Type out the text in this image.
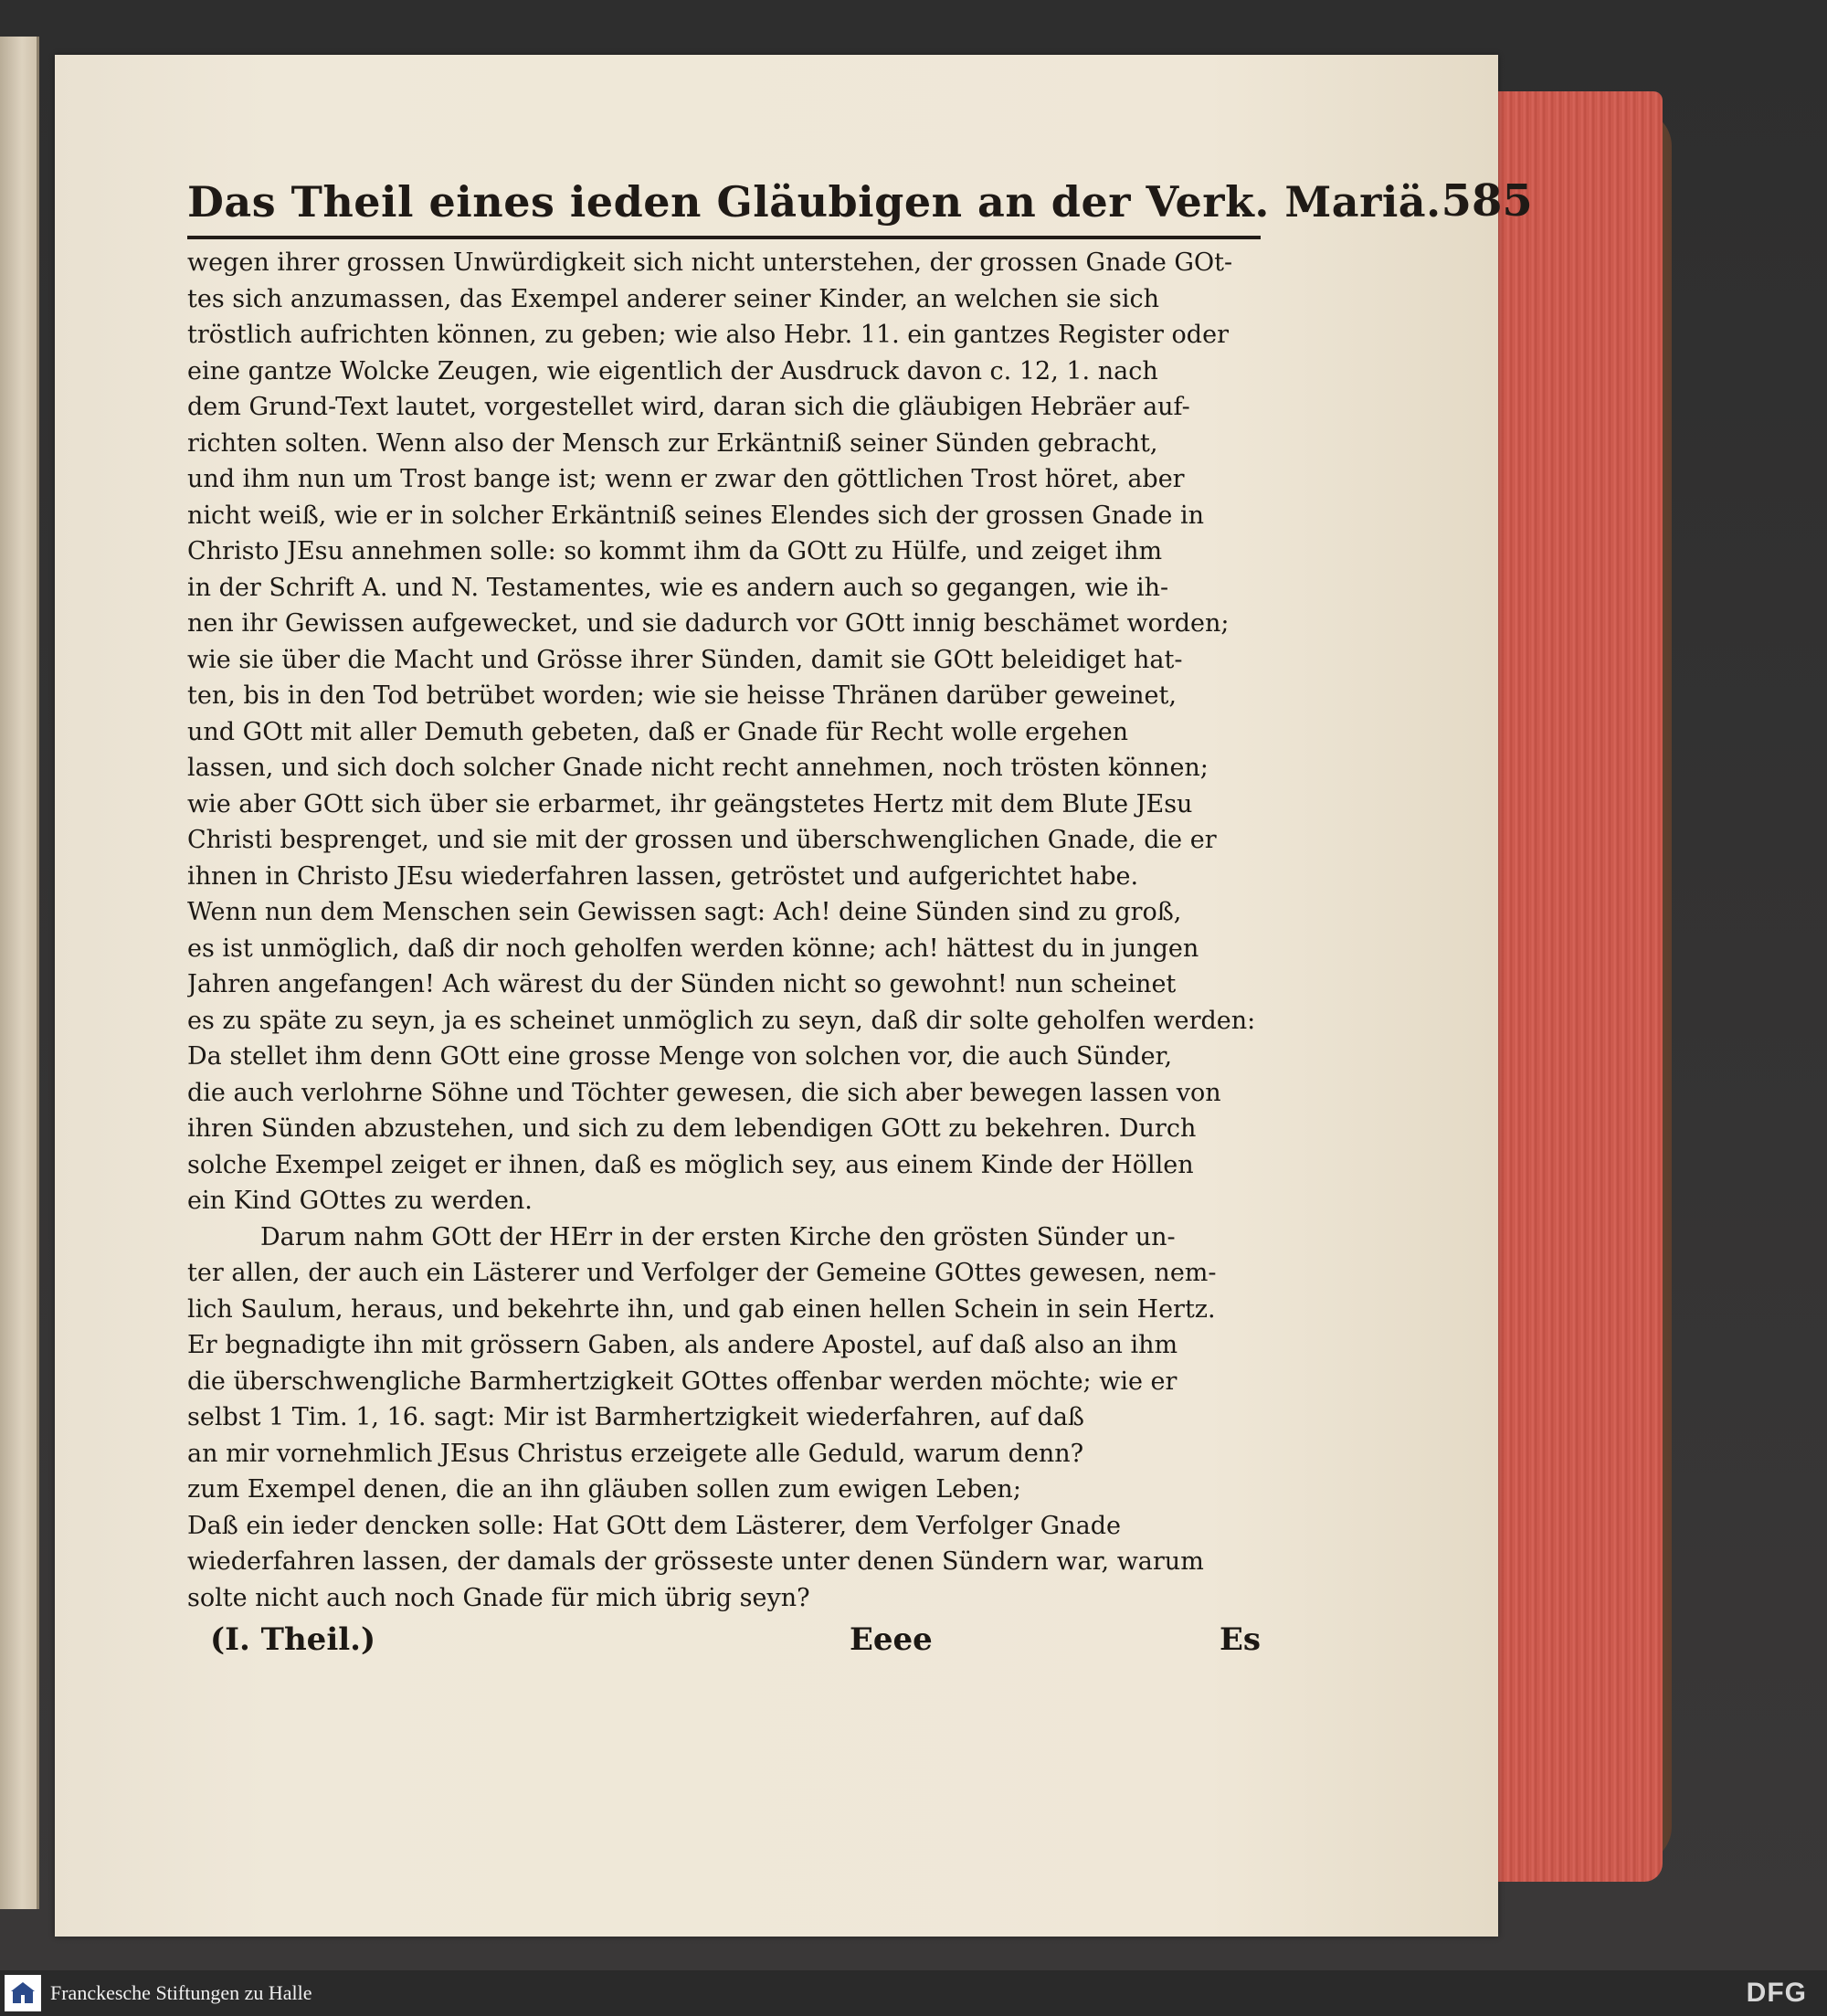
Das Theil eines ieden Gläubigen an der Verk. Mariä. 585
wegen ihrer grossen Unwürdigkeit sich nicht unterstehen, der grossen Gnade GOt-
tes sich anzumassen, das Exempel anderer seiner Kinder, an welchen sie sich
tröstlich aufrichten können, zu geben; wie also Hebr. 11. ein gantzes Register oder
eine gantze Wolcke Zeugen, wie eigentlich der Ausdruck davon c. 12, 1. nach
dem Grund-Text lautet, vorgestellet wird, daran sich die gläubigen Hebräer auf-
richten solten. Wenn also der Mensch zur Erkäntniß seiner Sünden gebracht,
und ihm nun um Trost bange ist; wenn er zwar den göttlichen Trost höret, aber
nicht weiß, wie er in solcher Erkäntniß seines Elendes sich der grossen Gnade in
Christo JEsu annehmen solle: so kommt ihm da GOtt zu Hülfe, und zeiget ihm
in der Schrift A. und N. Testamentes, wie es andern auch so gegangen, wie ih-
nen ihr Gewissen aufgewecket, und sie dadurch vor GOtt innig beschämet worden;
wie sie über die Macht und Grösse ihrer Sünden, damit sie GOtt beleidiget hat-
ten, bis in den Tod betrübet worden; wie sie heisse Thränen darüber geweinet,
und GOtt mit aller Demuth gebeten, daß er Gnade für Recht wolle ergehen
lassen, und sich doch solcher Gnade nicht recht annehmen, noch trösten können;
wie aber GOtt sich über sie erbarmet, ihr geängstetes Hertz mit dem Blute JEsu
Christi besprenget, und sie mit der grossen und überschwenglichen Gnade, die er
ihnen in Christo JEsu wiederfahren lassen, getröstet und aufgerichtet habe.
Wenn nun dem Menschen sein Gewissen sagt: Ach! deine Sünden sind zu groß,
es ist unmöglich, daß dir noch geholfen werden könne; ach! hättest du in jungen
Jahren angefangen! Ach wärest du der Sünden nicht so gewohnt! nun scheinet
es zu späte zu seyn, ja es scheinet unmöglich zu seyn, daß dir solte geholfen werden:
Da stellet ihm denn GOtt eine grosse Menge von solchen vor, die auch Sünder,
die auch verlohrne Söhne und Töchter gewesen, die sich aber bewegen lassen von
ihren Sünden abzustehen, und sich zu dem lebendigen GOtt zu bekehren. Durch
solche Exempel zeiget er ihnen, daß es möglich sey, aus einem Kinde der Höllen
ein Kind GOttes zu werden.
Darum nahm GOtt der HErr in der ersten Kirche den grösten Sünder un-
ter allen, der auch ein Lästerer und Verfolger der Gemeine GOttes gewesen, nem-
lich Saulum, heraus, und bekehrte ihn, und gab einen hellen Schein in sein Hertz.
Er begnadigte ihn mit grössern Gaben, als andere Apostel, auf daß also an ihm
die überschwengliche Barmhertzigkeit GOttes offenbar werden möchte; wie er
selbst 1 Tim. 1, 16. sagt: Mir ist Barmhertzigkeit wiederfahren, auf daß
an mir vornehmlich JEsus Christus erzeigete alle Geduld, warum denn?
zum Exempel denen, die an ihn gläuben sollen zum ewigen Leben;
Daß ein ieder dencken solle: Hat GOtt dem Lästerer, dem Verfolger Gnade
wiederfahren lassen, der damals der grösseste unter denen Sündern war, warum
solte nicht auch noch Gnade für mich übrig seyn?
(I. Theil.)	Eeee	Es
Franckesche Stiftungen zu Halle	DFG
